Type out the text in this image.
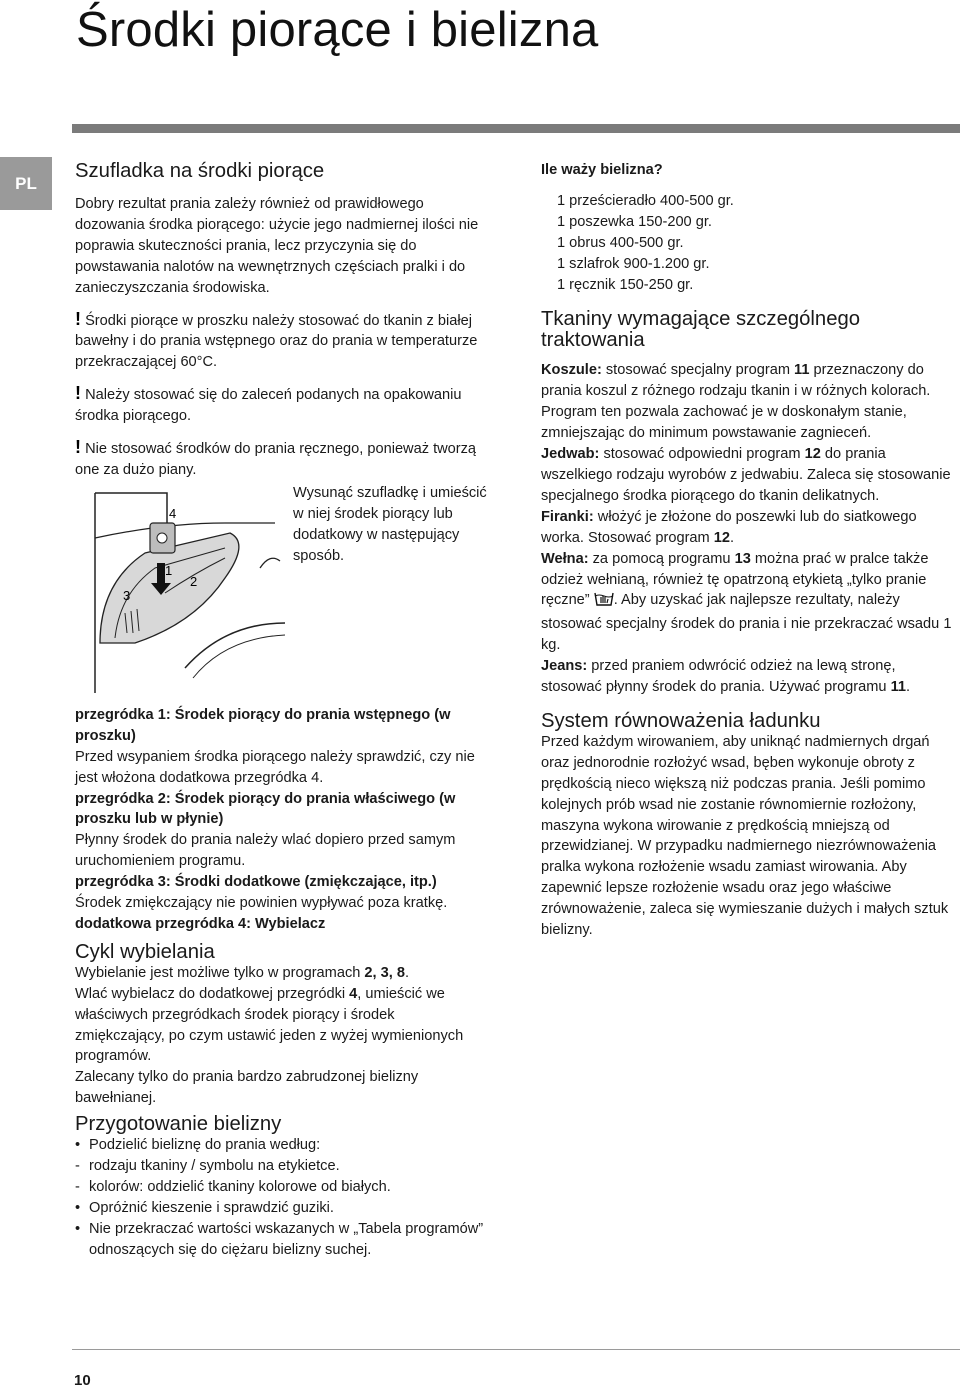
Środki piorące i bielizna
PL
Szufladka na środki piorące

Dobry rezultat prania zależy również od prawidłowego dozowania środka piorącego: użycie jego nadmiernej ilości nie poprawia skuteczności prania, lecz przyczynia się do powstawania nalotów na wewnętrznych częściach pralki i do zanieczyszczania środowiska.

! Środki piorące w proszku należy stosować do tkanin z białej bawełny i do prania wstępnego oraz do prania w temperaturze przekraczającej 60°C.

! Należy stosować się do zaleceń podanych na opakowaniu środka piorącego.

! Nie stosować środków do prania ręcznego, ponieważ tworzą one za dużo piany.

4
1
2
3

Wysunąć szufladkę i umieścić w niej środek piorący lub dodatkowy w następujący sposób.

przegródka 1: Środek piorący do prania wstępnego (w proszku)

Przed wsypaniem środka piorącego należy sprawdzić, czy nie jest włożona dodatkowa przegródka 4.

przegródka 2: Środek piorący do prania właściwego (w proszku lub w płynie)

Płynny środek do prania należy wlać dopiero przed samym uruchomieniem programu.

przegródka 3: Środki dodatkowe (zmiękczające, itp.)

Środek zmiękczający nie powinien wypływać poza kratkę.

dodatkowa przegródka 4: Wybielacz

Cykl wybielania

Wybielanie jest możliwe tylko w programach 2, 3, 8.

Wlać wybielacz do dodatkowej przegródki 4, umieścić we właściwych przegródkach środek piorący i środek zmiękczający, po czym ustawić jeden z wyżej wymienionych programów.

Zalecany tylko do prania bardzo zabrudzonej bielizny bawełnianej.

Przygotowanie bielizny
• Podzielić bieliznę do prania według:
- rodzaju tkaniny / symbolu na etykietce.
- kolorów: oddzielić tkaniny kolorowe od białych.
• Opróżnić kieszenie i sprawdzić guziki.
• Nie przekraczać wartości wskazanych w „Tabela programów” odnoszących się do ciężaru bielizny suchej.

Ile waży bielizna?

1 prześcieradło 400-500 gr.

1 poszewka 150-200 gr.

1 obrus 400-500 gr.

1 szlafrok 900-1.200 gr.

1 ręcznik 150-250 gr.

Tkaniny wymagające szczególnego traktowania

Koszule: stosować specjalny program 11 przeznaczony do prania koszul z różnego rodzaju tkanin i w różnych kolorach.

Program ten pozwala zachować je w doskonałym stanie, zmniejszając do minimum powstawanie zagnieceń.

Jedwab: stosować odpowiedni program 12 do prania wszelkiego rodzaju wyrobów z jedwabiu. Zaleca się stosowanie specjalnego środka piorącego do tkanin delikatnych.

Firanki: włożyć je złożone do poszewki lub do siatkowego worka. Stosować program 12.

Wełna: za pomocą programu 13 można prać w pralce także odzież wełnianą, również tę opatrzoną etykietą „tylko pranie ręczne” . Aby uzyskać jak najlepsze rezultaty, należy stosować specjalny środek do prania i nie przekraczać wsadu 1 kg.

Jeans: przed praniem odwrócić odzież na lewą stronę, stosować płynny środek do prania. Używać programu 11.

System równoważenia ładunku

Przed każdym wirowaniem, aby uniknąć nadmiernych drgań oraz jednorodnie rozłożyć wsad, bęben wykonuje obroty z prędkością nieco większą niż podczas prania. Jeśli pomimo kolejnych prób wsad nie zostanie równomiernie rozłożony, maszyna wykona wirowanie z prędkością mniejszą od przewidzianej. W przypadku nadmiernego niezrównoważenia pralka wykona rozłożenie wsadu zamiast wirowania. Aby zapewnić lepsze rozłożenie wsadu oraz jego właściwe zrównoważenie, zaleca się wymieszanie dużych i małych sztuk bielizny.

10
